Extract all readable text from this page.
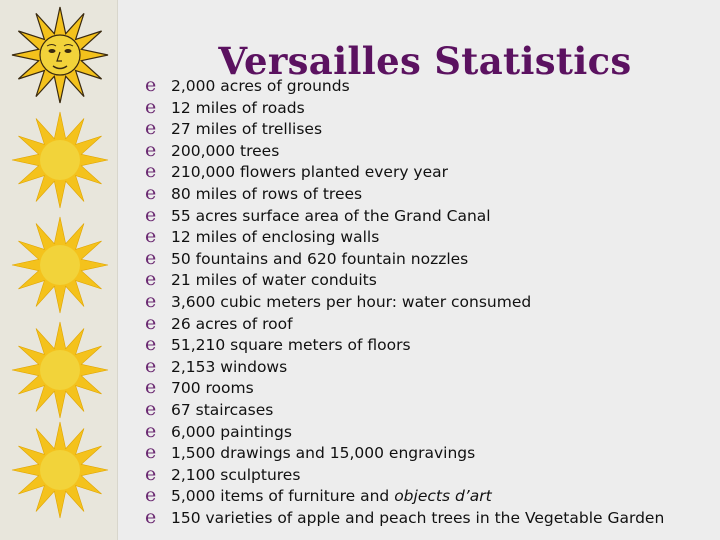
Versailles Statistics
e 2,000 acres of grounds
e 12 miles of roads
e 27 miles of trellises
e 200,000 trees
e 210,000 flowers planted every year
e 80 miles of rows of trees
e 55 acres surface area of the Grand Canal
e 12 miles of enclosing walls
e 50 fountains and 620 fountain nozzles
e 21 miles of water conduits
e 3,600 cubic meters per hour: water consumed
e 26 acres of roof
e 51,210 square meters of floors
e 2,153 windows
e 700 rooms
e 67 staircases
e 6,000 paintings
e 1,500 drawings and 15,000 engravings
e 2,100 sculptures
e 5,000 items of furniture and objects d’art
e 150 varieties of apple and peach trees in the Vegetable Garden
